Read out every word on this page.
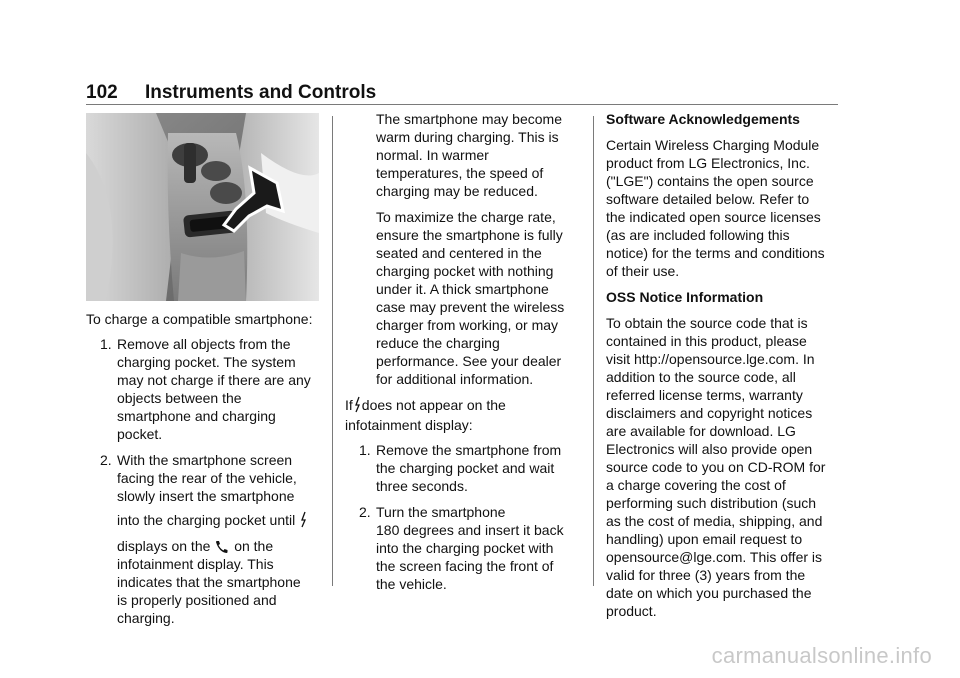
102 Instruments and Controls

To charge a compatible smartphone:

1. Remove all objects from the
charging pocket. The system
may not charge if there are any
objects between the
smartphone and charging
pocket.
2. With the smartphone screen
facing the rear of the vehicle,
slowly insert the smartphone
into the charging pocket until
displays on the on the
infotainment display. This
indicates that the smartphone
is properly positioned and
charging.
The smartphone may become
warm during charging. This is
normal. In warmer
temperatures, the speed of
charging may be reduced.
To maximize the charge rate,
ensure the smartphone is fully
seated and centered in the
charging pocket with nothing
under it. A thick smartphone
case may prevent the wireless
charger from working, or may
reduce the charging
performance. See your dealer
for additional information.
If does not appear on the
infotainment display:
1. Remove the smartphone from
the charging pocket and wait
three seconds.
2. Turn the smartphone
180 degrees and insert it back
into the charging pocket with
the screen facing the front of
the vehicle.

Software Acknowledgements

Certain Wireless Charging Module
product from LG Electronics, Inc.
("LGE") contains the open source
software detailed below. Refer to
the indicated open source licenses
(as are included following this
notice) for the terms and conditions
of their use.

OSS Notice Information

To obtain the source code that is
contained in this product, please
visit http://opensource.lge.com. In
addition to the source code, all
referred license terms, warranty
disclaimers and copyright notices
are available for download. LG
Electronics will also provide open
source code to you on CD-ROM for
a charge covering the cost of
performing such distribution (such
as the cost of media, shipping, and
handling) upon email request to
opensource@lge.com. This offer is
valid for three (3) years from the
date on which you purchased the
product.
carmanualsonline.info
